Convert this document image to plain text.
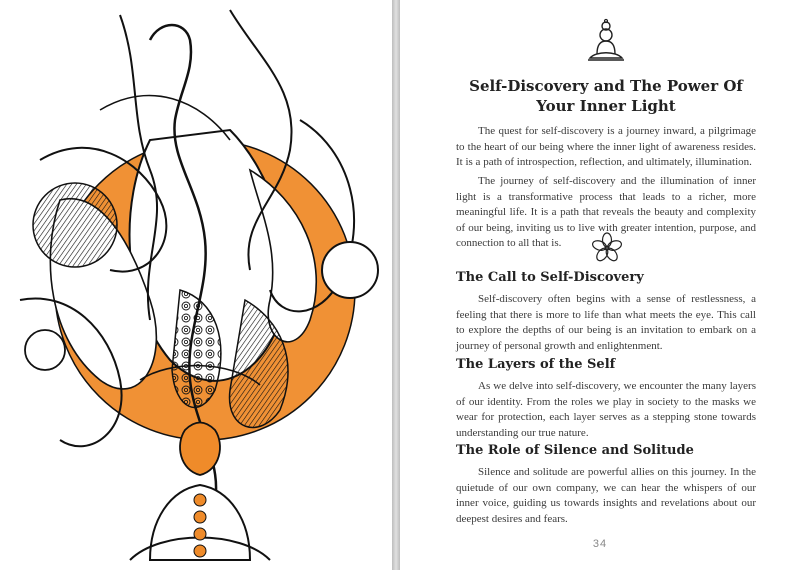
Self-Discovery and The Power Of
Your Inner Light

The quest for self-discovery is a journey inward, a pilgrimage to the heart of our being where the inner light of awareness resides. It is a path of introspection, reflection, and ultimately, illumination.

The journey of self-discovery and the illumination of inner light is a transformative process that leads to a richer, more meaningful life. It is a path that reveals the beauty and complexity of our being, inviting us to live with greater intention, purpose, and connection to all that is.

The Call to Self-Discovery

Self-discovery often begins with a sense of restlessness, a feeling that there is more to life than what meets the eye. This call to explore the depths of our being is an invitation to embark on a journey of personal growth and enlightenment.

The Layers of the Self

As we delve into self-discovery, we encounter the many layers of our identity. From the roles we play in society to the masks we wear for protection, each layer serves as a stepping stone towards understanding our true nature.

The Role of Silence and Solitude

Silence and solitude are powerful allies on this journey. In the quietude of our own company, we can hear the whispers of our inner voice, guiding us towards insights and revelations about our deepest desires and fears.

34
